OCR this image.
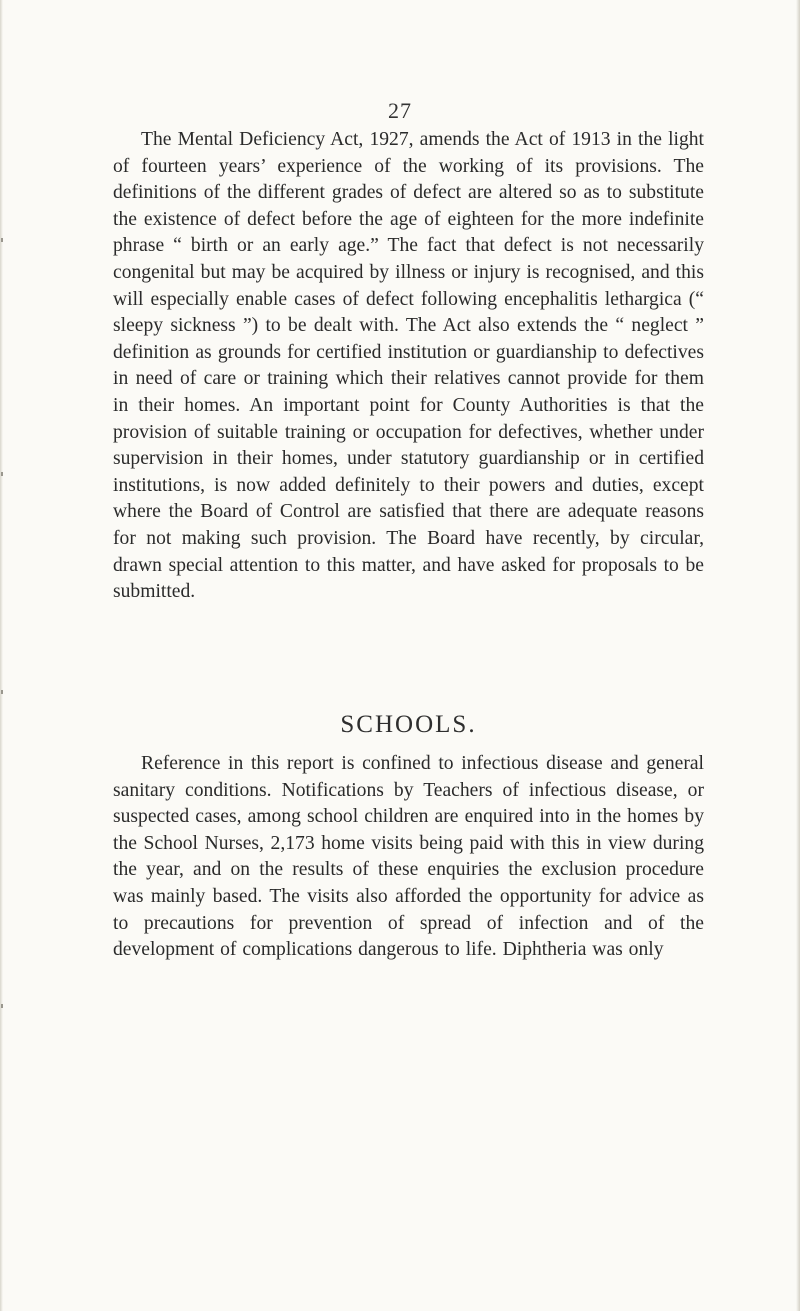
27

The Mental Deficiency Act, 1927, amends the Act of 1913 in the light of fourteen years’ experience of the working of its provisions. The definitions of the different grades of defect are altered so as to substitute the existence of defect before the age of eighteen for the more indefinite phrase “ birth or an early age.” The fact that defect is not necessarily congenital but may be acquired by illness or injury is recognised, and this will especially enable cases of defect following encephalitis lethargica (“ sleepy sickness ”) to be dealt with. The Act also extends the “ neglect ” definition as grounds for certified institution or guardianship to defectives in need of care or training which their relatives cannot provide for them in their homes. An important point for County Authorities is that the provision of suitable training or occupation for defectives, whether under supervision in their homes, under statutory guardianship or in certified institutions, is now added definitely to their powers and duties, except where the Board of Control are satisfied that there are adequate reasons for not making such provision. The Board have recently, by circular, drawn special attention to this matter, and have asked for proposals to be submitted.

SCHOOLS.

Reference in this report is confined to infectious disease and general sanitary conditions. Notifications by Teachers of infectious disease, or suspected cases, among school children are enquired into in the homes by the School Nurses, 2,173 home visits being paid with this in view during the year, and on the results of these enquiries the exclusion procedure was mainly based. The visits also afforded the opportunity for advice as to precautions for prevention of spread of infection and of the development of complications dangerous to life. Diphtheria was only
